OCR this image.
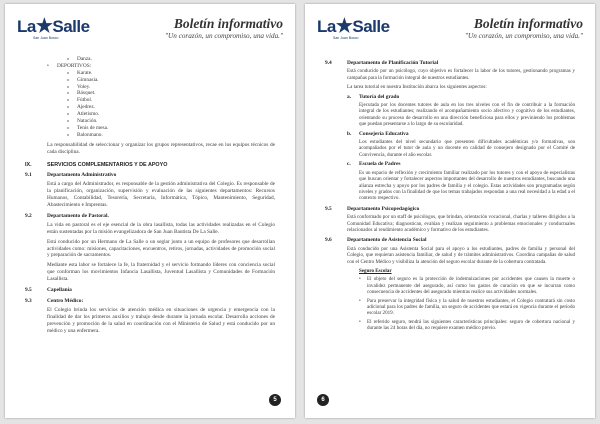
La★Salle
San Juan Bosco
Boletín informativo
"Un corazón, un compromiso, una vida."
o Danza.
• DEPORTIVOS:
o Karate.
o Gimnasia.
o Voley.
o Básquet.
o Fútbol.
o Ajedrez.
o Atletismo.
o Natación.
o Tenis de mesa.
o Balonmano.

La responsabilidad de seleccionar y organizar los grupos representativos, recae en los equipos técnicos de cada disciplina.

IX.	SERVICIOS COMPLEMENTARIOS Y DE APOYO
9.1	Departamento Administrativo

Está a cargo del Administrador, es responsable de la gestión administrativa del Colegio. Es responsable de la planificación, organización, supervisión y evaluación de las siguientes departamentos: Recursos Humanos, Contabilidad, Tesorería, Secretaría, Informática, Tópico, Mantenimiento, Seguridad, Abastecimiento e Imprentas.

9.2	Departamento de Pastoral.

La vida en pastoral es el eje esencial de la obra lasallista, todas las actividades realizadas en el Colegio están sustentadas por la misión evangelizadora de San Juan Bautista De La Salle.

Está conducido por un Hermano de La Salle o un seglar junto a un equipo de profesores que desarrollan actividades como: misiones, capacitaciones, encuentros, retiros, jornadas, actividades de promoción social y preparación de sacramentos.

Mediante esta labor se fortalece la fe, la fraternidad y el servicio formando líderes con conciencia social que conforman los movimientos Infancia Lasallista, Juventud Lasallista y Comunidades de Formación Lasallista.

9.5	Capellanía
9.3	Centro Médico:

El Colegio brinda los servicios de atención médica en situaciones de urgencia y emergencia con la finalidad de dar los primeros auxilios y trabajo desde durante la jornada escolar. Desarrolla acciones de prevención y promoción de la salud en coordinación con el Ministerio de Salud y está conducido por un médico y una enfermera.

5
La★Salle
San Juan Bosco
Boletín informativo
"Un corazón, un compromiso, una vida."
9.4	Departamento de Planificación Tutorial

Está conducido por un psicólogo, cuyo objetivo es fortalecer la labor de los tutores, gestionando programas y campañas para la formación integral de nuestros estudiantes.

La tarea tutorial en nuestra Institución abarca los siguientes aspectos:

a. Tutoría del grado

Ejecutada por los docentes tutores de aula en los tres niveles con el fin de contribuir a la formación integral de los estudiantes; realizando el acompañamiento socio afectivo y cognitivo de los estudiantes, orientando su proceso de desarrollo en una dirección beneficiosa para ellos y previniendo los problemas que puedan presentarse a lo largo de su escolaridad.

b. Consejería Educativa

Los estudiantes del nivel secundario que presenten dificultades académicas y/o formativas, son acompañados por el tutor de aula y un docente en calidad de consejero designado por el Comité de Convivencia, durante el año escolar.

c. Escuela de Padres

Es un espacio de reflexión y crecimiento familiar realizado por los tutores y con el apoyo de especialistas que buscan orientar y fortalecer aspectos importantes del desarrollo de nuestros estudiantes, buscando una alianza estrecha y apoyo por los padres de familia y el colegio. Estas actividades son programadas según niveles y grados con la finalidad de que los temas trabajados respondan a una real necesidad a la edad a el contexto respectivo.

9.5	Departamento Psicopedagógico

Está conformado por un staff de psicólogos, que brindan, orientación vocacional, charlas y talleres dirigidos a la Comunidad Educativa; diagnostican, evalúan y realizan seguimiento a problemas emocionales y conductuales relacionados al rendimiento académico y formativo de los estudiantes.

9.6	Departamento de Asistencia Social

Está conducido por una Asistenta Social para el apoyo a los estudiantes, padres de familia y personal del Colegio, que requieran asistencia familiar, de salud y de trámites administrativos. Coordina campañas de salud con el Centro Médico y visibiliza la atención del seguro escolar durante de la cobertura contratada.

Seguro Escolar
• El objeto del seguro es la protección de indemnizaciones por accidentes que causen la muerte o invalidez permanente del asegurado, así como los gastos de curación en que se incurran como consecuencia de accidentes del asegurado mientras realice sus actividades normales.
• Para preservar la integridad física y la salud de nuestros estudiantes, el Colegio contratará sin costo adicional para los padres de familia, un seguro de accidentes que estará en vigencia durante el período escolar 2019.
• El referido seguro, tendrá las siguientes características principales: seguro de cobertura nacional y durante las 24 horas del día, no requiere examen médico previo.
6
